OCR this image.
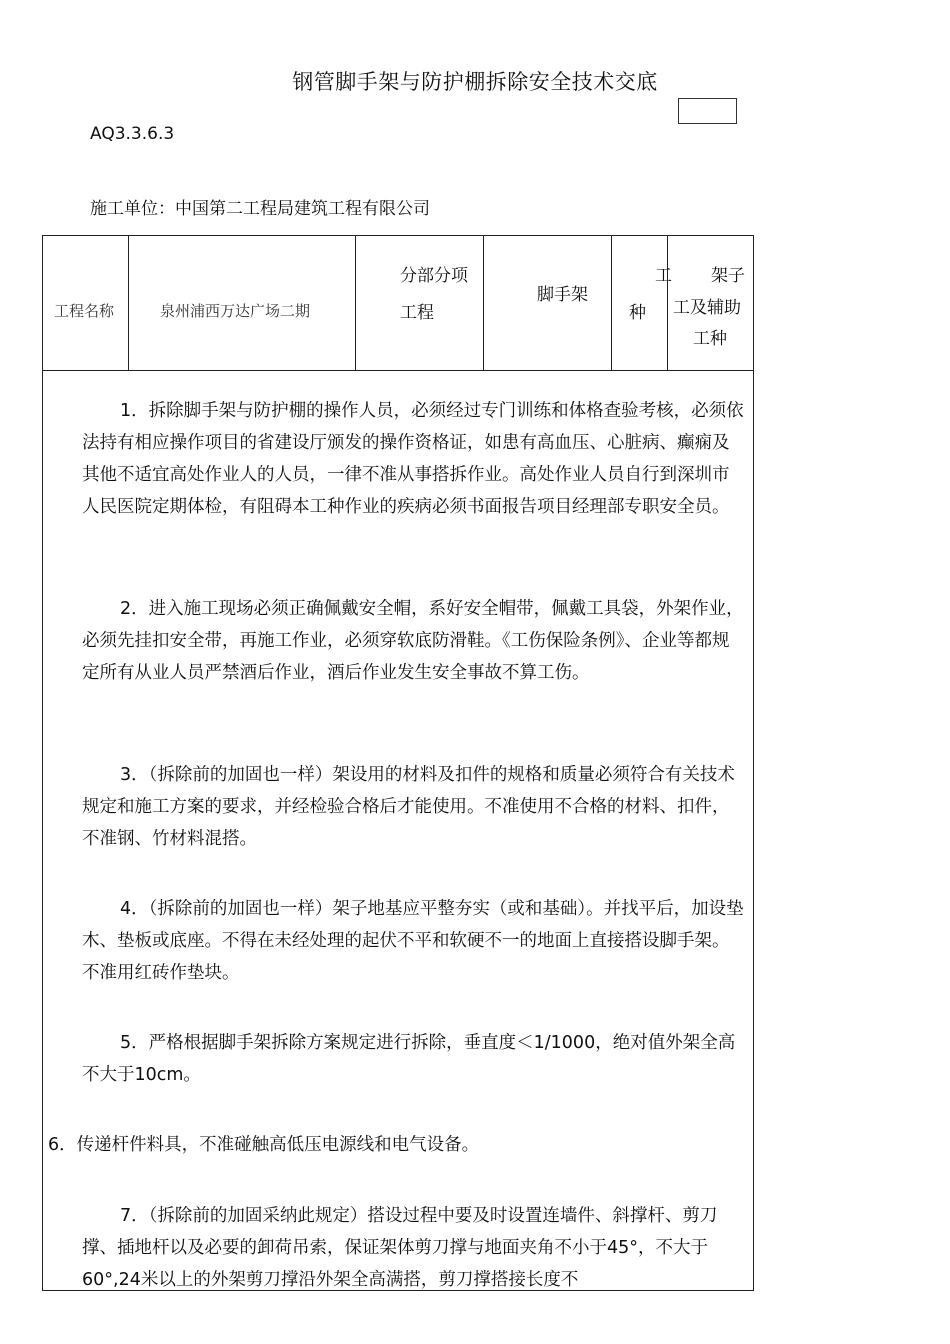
钢管脚手架与防护棚拆除安全技术交底
AQ3.3.6.3
施工单位：中国第二工程局建筑工程有限公司
工程名称	泉州浦西万达广场二期
分部分项
工程
脚手架
工
种
架子
工及辅助
工种

1．拆除脚手架与防护棚的操作人员，必须经过专门训练和体格查验考核，必须依法持有相应操作项目的省建设厅颁发的操作资格证，如患有高血压、心脏病、癫痫及其他不适宜高处作业人的人员，一律不准从事搭拆作业。高处作业人员自行到深圳市人民医院定期体检，有阻碍本工种作业的疾病必须书面报告项目经理部专职安全员。

2．进入施工现场必须正确佩戴安全帽，系好安全帽带，佩戴工具袋，外架作业，必须先挂扣安全带，再施工作业，必须穿软底防滑鞋。《工伤保险条例》、企业等都规定所有从业人员严禁酒后作业，酒后作业发生安全事故不算工伤。

3．（拆除前的加固也一样）架设用的材料及扣件的规格和质量必须符合有关技术规定和施工方案的要求，并经检验合格后才能使用。不准使用不合格的材料、扣件，不准钢、竹材料混搭。

4．（拆除前的加固也一样）架子地基应平整夯实（或和基础）。并找平后，加设垫木、垫板或底座。不得在未经处理的起伏不平和软硬不一的地面上直接搭设脚手架。不准用红砖作垫块。

5．严格根据脚手架拆除方案规定进行拆除，垂直度＜1/1000，绝对值外架全高不大于10cm。

6．传递杆件料具，不准碰触高低压电源线和电气设备。

7．（拆除前的加固采纳此规定）搭设过程中要及时设置连墙件、斜撑杆、剪刀撑、插地杆以及必要的卸荷吊索，保证架体剪刀撑与地面夹角不小于45°，不大于60°,24米以上的外架剪刀撑沿外架全高满搭，剪刀撑搭接长度不
